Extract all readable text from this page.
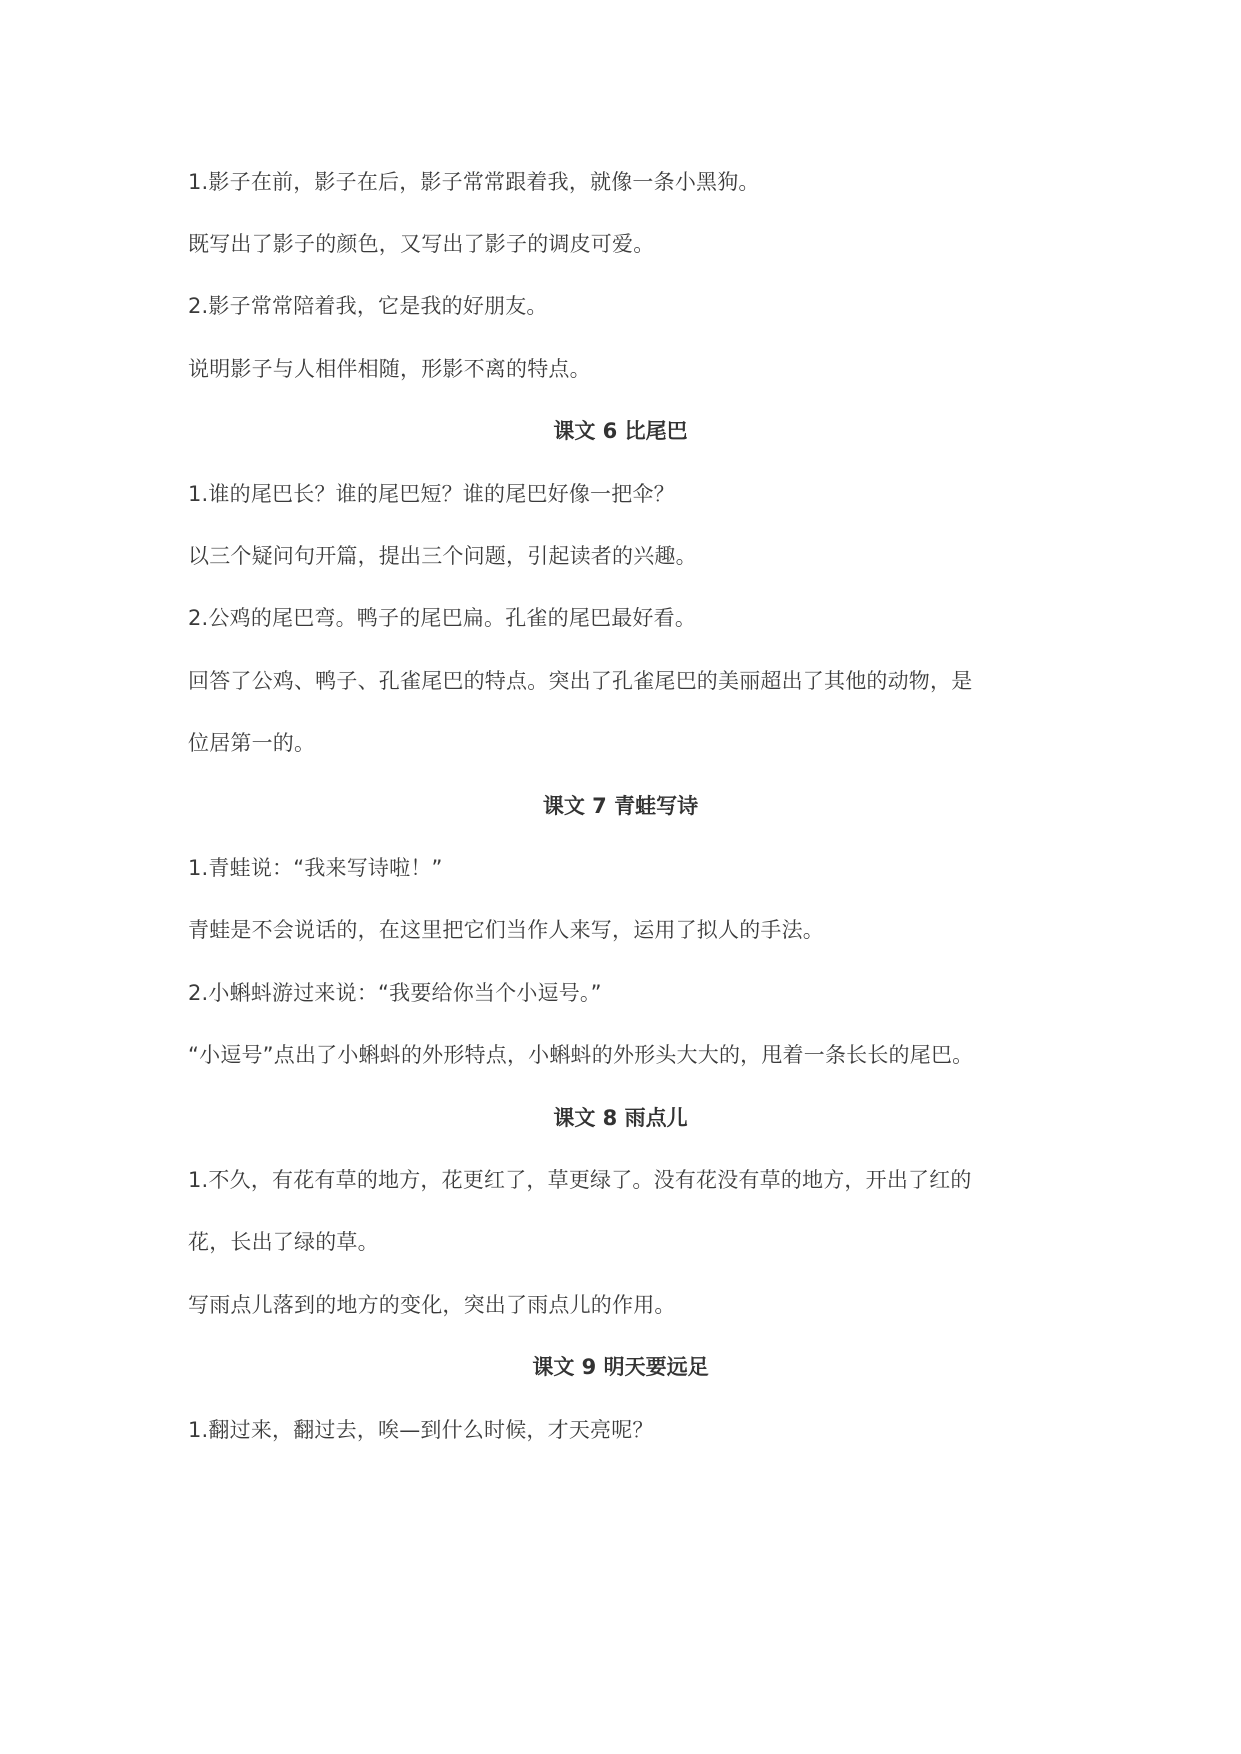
1.影子在前，影子在后，影子常常跟着我，就像一条小黑狗。
既写出了影子的颜色，又写出了影子的调皮可爱。
2.影子常常陪着我，它是我的好朋友。
说明影子与人相伴相随，形影不离的特点。
课文 6 比尾巴
1.谁的尾巴长？谁的尾巴短？谁的尾巴好像一把伞？
以三个疑问句开篇，提出三个问题，引起读者的兴趣。
2.公鸡的尾巴弯。鸭子的尾巴扁。孔雀的尾巴最好看。
回答了公鸡、鸭子、孔雀尾巴的特点。突出了孔雀尾巴的美丽超出了其他的动物，是
位居第一的。
课文 7 青蛙写诗
1.青蛙说：“我来写诗啦！”
青蛙是不会说话的，在这里把它们当作人来写，运用了拟人的手法。
2.小蝌蚪游过来说：“我要给你当个小逗号。”
“小逗号”点出了小蝌蚪的外形特点，小蝌蚪的外形头大大的，甩着一条长长的尾巴。
课文 8 雨点儿
1.不久，有花有草的地方，花更红了，草更绿了。没有花没有草的地方，开出了红的
花，长出了绿的草。
写雨点儿落到的地方的变化，突出了雨点儿的作用。
课文 9 明天要远足
1.翻过来，翻过去，唉—到什么时候，才天亮呢？
